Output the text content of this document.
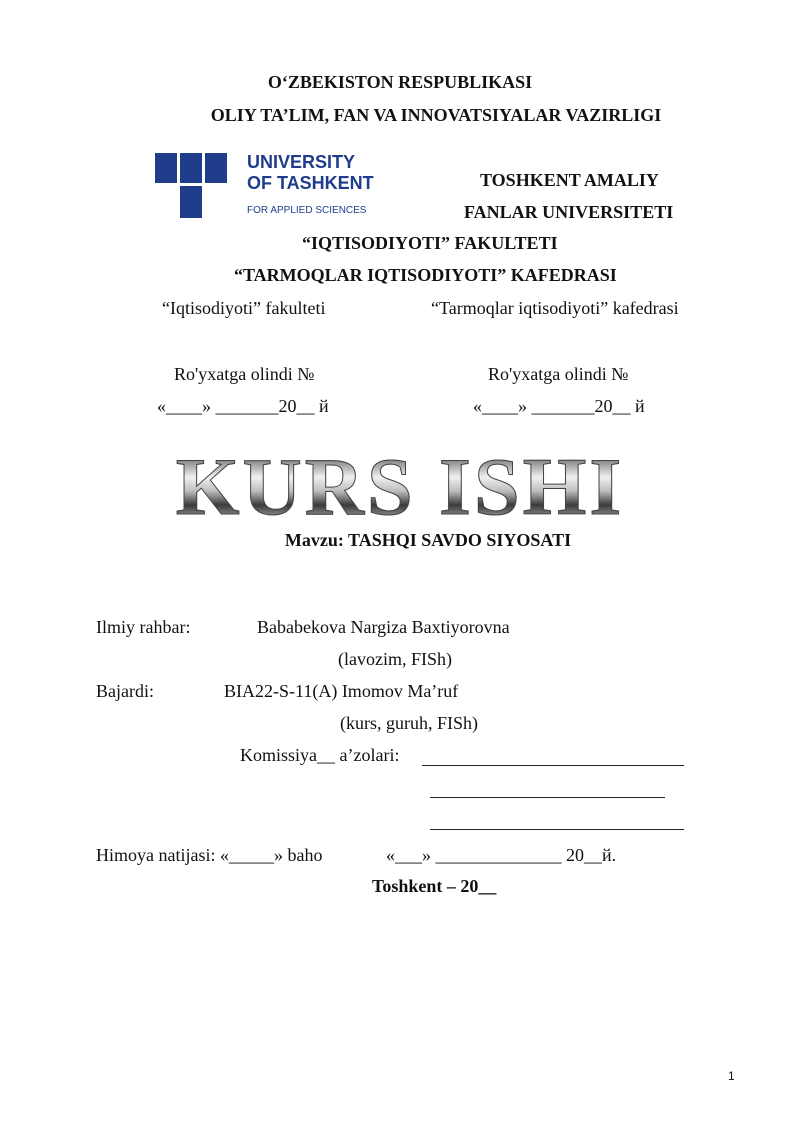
O‘ZBEKISTON RESPUBLIKASI
OLIY TA’LIM, FAN VA INNOVATSIYALAR VAZIRLIGI
UNIVERSITY
OF TASHKENT
FOR APPLIED SCIENCES
TOSHKENT AMALIY
FANLAR UNIVERSITETI
“IQTISODIYOTI” FAKULTETI
“TARMOQLAR IQTISODIYOTI” KAFEDRASI
“Iqtisodiyoti” fakulteti	“Tarmoqlar iqtisodiyoti” kafedrasi
Ro'yxatga olindi №	Ro'yxatga olindi №
«____» _______20__ й	«____» _______20__ й
KURS ISHI
Mavzu: TASHQI SAVDO SIYOSATI
Ilmiy rahbar:	Bababekova Nargiza Baxtiyorovna
(lavozim, FISh)
Bajardi:	BIA22-S-11(A) Imomov Ma’ruf
(kurs, guruh, FISh)
Komissiya__ a’zolari:
Himoya natijasi: «_____» baho	«___» ______________ 20__й.
Toshkent – 20__
1
